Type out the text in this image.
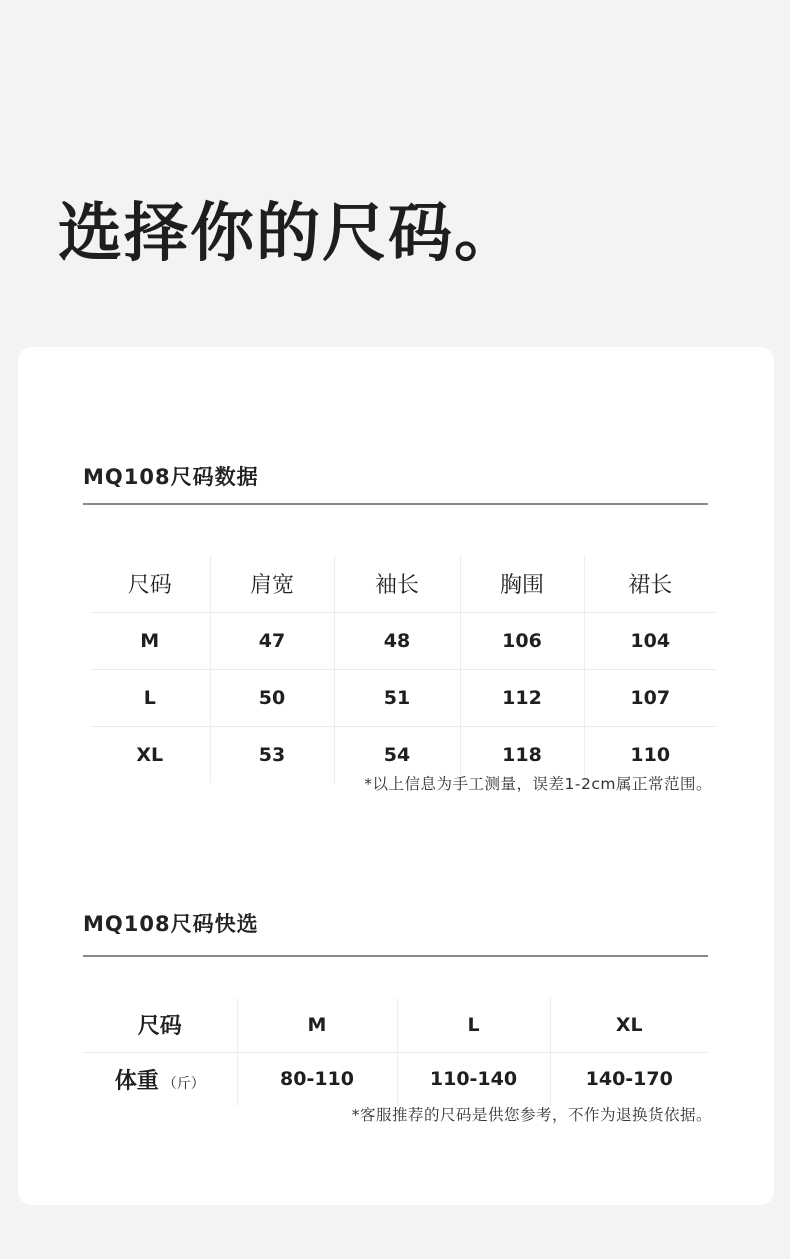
选择你的尺码。
MQ108尺码数据
尺码	肩宽	袖长	胸围	裙长
M	47	48	106	104
L	50	51	112	107
XL	53	54	118	110
*以上信息为手工测量，误差1-2cm属正常范围。
MQ108尺码快选
尺码	M	L	XL
体重 （斤）	80-110	110-140	140-170
*客服推荐的尺码是供您参考，不作为退换货依据。
